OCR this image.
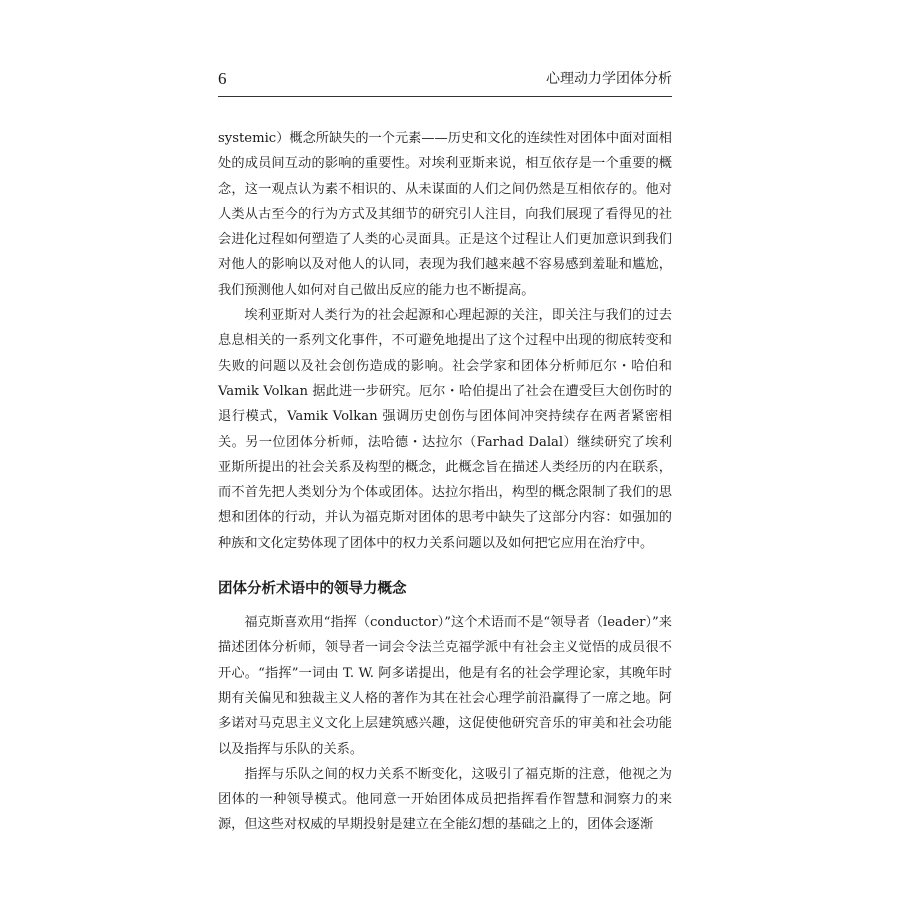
6	心理动力学团体分析

systemic）概念所缺失的一个元素——历史和文化的连续性对团体中面对面相处的成员间互动的影响的重要性。对埃利亚斯来说，相互依存是一个重要的概念，这一观点认为素不相识的、从未谋面的人们之间仍然是互相依存的。他对人类从古至今的行为方式及其细节的研究引人注目，向我们展现了看得见的社会进化过程如何塑造了人类的心灵面具。正是这个过程让人们更加意识到我们对他人的影响以及对他人的认同，表现为我们越来越不容易感到羞耻和尴尬，我们预测他人如何对自己做出反应的能力也不断提高。

埃利亚斯对人类行为的社会起源和心理起源的关注，即关注与我们的过去息息相关的一系列文化事件，不可避免地提出了这个过程中出现的彻底转变和失败的问题以及社会创伤造成的影响。社会学家和团体分析师厄尔・哈伯和 Vamik Volkan 据此进一步研究。厄尔・哈伯提出了社会在遭受巨大创伤时的退行模式，Vamik Volkan 强调历史创伤与团体间冲突持续存在两者紧密相关。另一位团体分析师，法哈德・达拉尔（Farhad Dalal）继续研究了埃利亚斯所提出的社会关系及构型的概念，此概念旨在描述人类经历的内在联系，而不首先把人类划分为个体或团体。达拉尔指出，构型的概念限制了我们的思想和团体的行动，并认为福克斯对团体的思考中缺失了这部分内容：如强加的种族和文化定势体现了团体中的权力关系问题以及如何把它应用在治疗中。

团体分析术语中的领导力概念

福克斯喜欢用“指挥（conductor）”这个术语而不是“领导者（leader）”来描述团体分析师，领导者一词会令法兰克福学派中有社会主义觉悟的成员很不开心。“指挥”一词由 T. W. 阿多诺提出，他是有名的社会学理论家，其晚年时期有关偏见和独裁主义人格的著作为其在社会心理学前沿赢得了一席之地。阿多诺对马克思主义文化上层建筑感兴趣，这促使他研究音乐的审美和社会功能以及指挥与乐队的关系。

指挥与乐队之间的权力关系不断变化，这吸引了福克斯的注意，他视之为团体的一种领导模式。他同意一开始团体成员把指挥看作智慧和洞察力的来源，但这些对权威的早期投射是建立在全能幻想的基础之上的，团体会逐渐
